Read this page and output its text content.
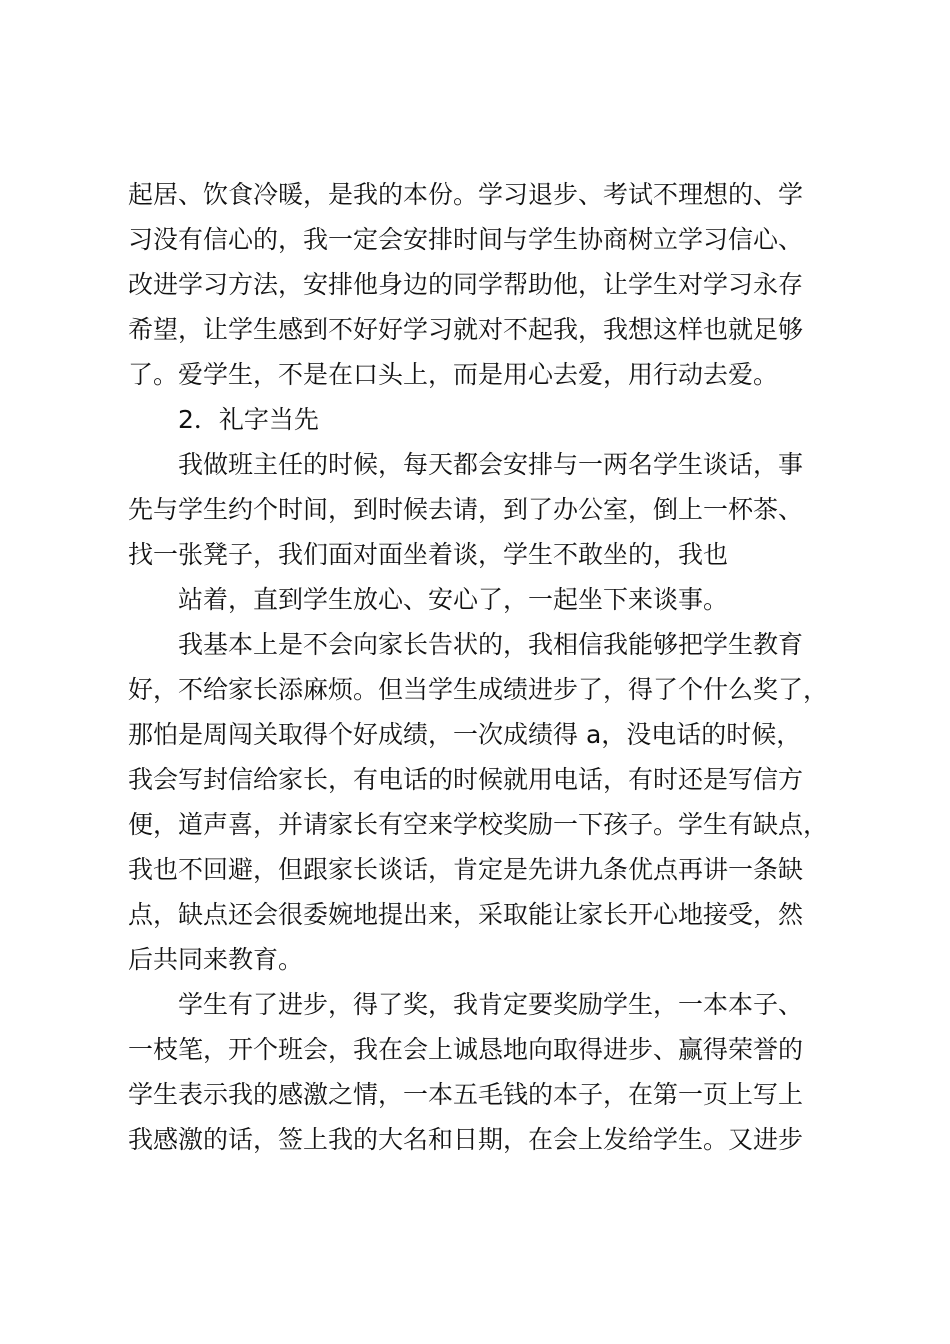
起居、饮食冷暖，是我的本份。学习退步、考试不理想的、学
习没有信心的，我一定会安排时间与学生协商树立学习信心、
改进学习方法，安排他身边的同学帮助他，让学生对学习永存
希望，让学生感到不好好学习就对不起我，我想这样也就足够
了。爱学生，不是在口头上，而是用心去爱，用行动去爱。
2．礼字当先
我做班主任的时候，每天都会安排与一两名学生谈话，事
先与学生约个时间，到时候去请，到了办公室，倒上一杯茶、
找一张凳子，我们面对面坐着谈，学生不敢坐的，我也
站着，直到学生放心、安心了，一起坐下来谈事。
我基本上是不会向家长告状的，我相信我能够把学生教育
好，不给家长添麻烦。但当学生成绩进步了，得了个什么奖了，
那怕是周闯关取得个好成绩，一次成绩得 a，没电话的时候，
我会写封信给家长，有电话的时候就用电话，有时还是写信方
便，道声喜，并请家长有空来学校奖励一下孩子。学生有缺点，
我也不回避，但跟家长谈话，肯定是先讲九条优点再讲一条缺
点，缺点还会很委婉地提出来，采取能让家长开心地接受，然
后共同来教育。
学生有了进步，得了奖，我肯定要奖励学生，一本本子、
一枝笔，开个班会，我在会上诚恳地向取得进步、赢得荣誉的
学生表示我的感激之情，一本五毛钱的本子，在第一页上写上
我感激的话，签上我的大名和日期，在会上发给学生。又进步
